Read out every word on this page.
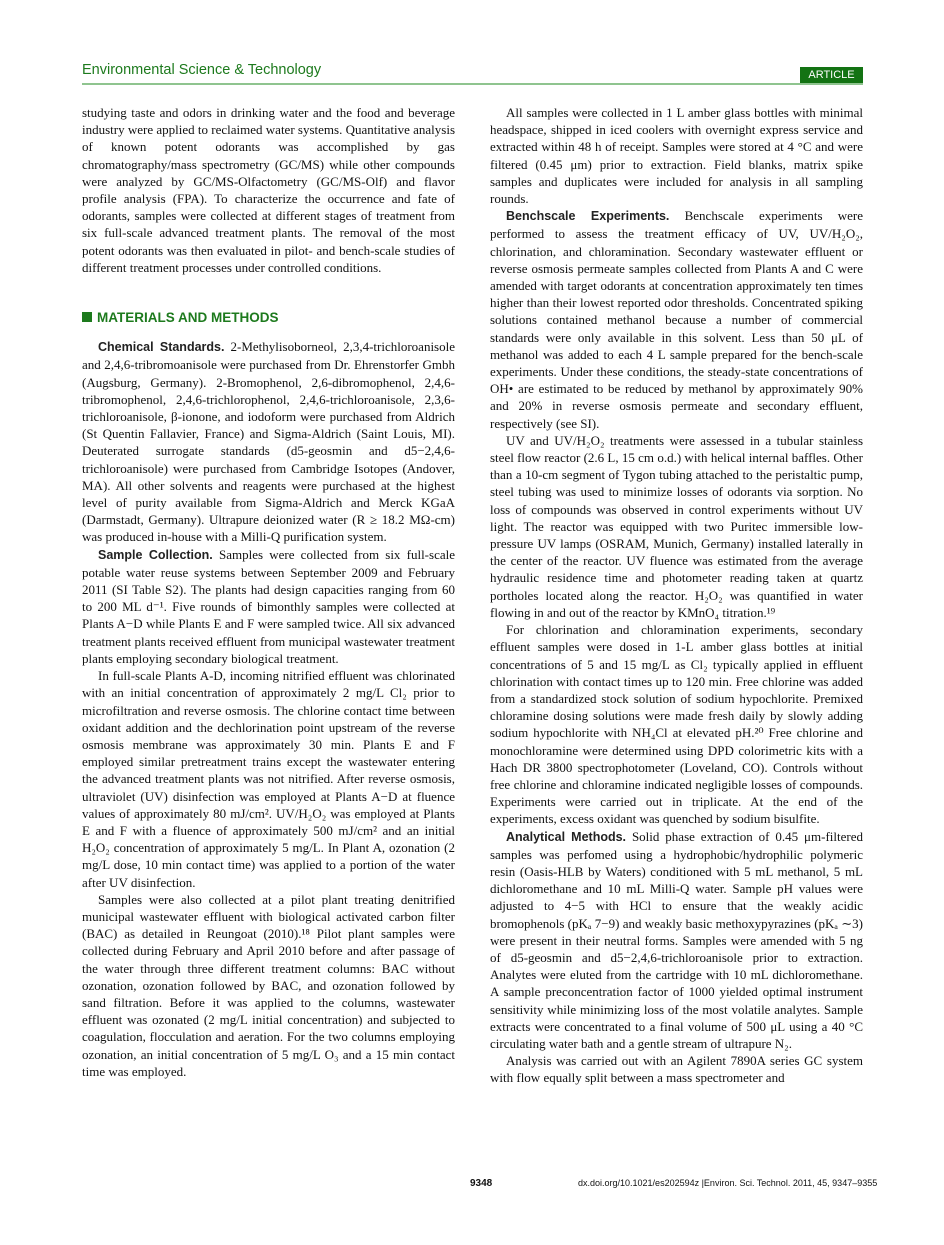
Environmental Science & Technology	ARTICLE

studying taste and odors in drinking water and the food and beverage industry were applied to reclaimed water systems. Quantitative analysis of known potent odorants was accomplished by gas chromatography/mass spectrometry (GC/MS) while other compounds were analyzed by GC/MS-Olfactometry (GC/MS-Olf) and flavor profile analysis (FPA). To characterize the occurrence and fate of odorants, samples were collected at different stages of treatment from six full-scale advanced treatment plants. The removal of the most potent odorants was then evaluated in pilot- and bench-scale studies of different treatment processes under controlled conditions.

MATERIALS AND METHODS

Chemical Standards. 2-Methylisoborneol, 2,3,4-trichloroanisole and 2,4,6-tribromoanisole were purchased from Dr. Ehrenstorfer Gmbh (Augsburg, Germany). 2-Bromophenol, 2,6-dibromophenol, 2,4,6-tribromophenol, 2,4,6-trichlorophenol, 2,4,6-trichloroanisole, 2,3,6-trichloroanisole, β-ionone, and iodoform were purchased from Aldrich (St Quentin Fallavier, France) and Sigma-Aldrich (Saint Louis, MI). Deuterated surrogate standards (d5-geosmin and d5−2,4,6-trichloroanisole) were purchased from Cambridge Isotopes (Andover, MA). All other solvents and reagents were purchased at the highest level of purity available from Sigma-Aldrich and Merck KGaA (Darmstadt, Germany). Ultrapure deionized water (R ≥ 18.2 MΩ-cm) was produced in-house with a Milli-Q purification system.

Sample Collection. Samples were collected from six full-scale potable water reuse systems between September 2009 and February 2011 (SI Table S2). The plants had design capacities ranging from 60 to 200 ML d⁻¹. Five rounds of bimonthly samples were collected at Plants A−D while Plants E and F were sampled twice. All six advanced treatment plants received effluent from municipal wastewater treatment plants employing secondary biological treatment.

In full-scale Plants A-D, incoming nitrified effluent was chlorinated with an initial concentration of approximately 2 mg/L Cl₂ prior to microfiltration and reverse osmosis. The chlorine contact time between oxidant addition and the dechlorination point upstream of the reverse osmosis membrane was approximately 30 min. Plants E and F employed similar pretreatment trains except the wastewater entering the advanced treatment plants was not nitrified. After reverse osmosis, ultraviolet (UV) disinfection was employed at Plants A−D at fluence values of approximately 80 mJ/cm². UV/H₂O₂ was employed at Plants E and F with a fluence of approximately 500 mJ/cm² and an initial H₂O₂ concentration of approximately 5 mg/L. In Plant A, ozonation (2 mg/L dose, 10 min contact time) was applied to a portion of the water after UV disinfection.

Samples were also collected at a pilot plant treating denitrified municipal wastewater effluent with biological activated carbon filter (BAC) as detailed in Reungoat (2010).¹⁸ Pilot plant samples were collected during February and April 2010 before and after passage of the water through three different treatment columns: BAC without ozonation, ozonation followed by BAC, and ozonation followed by sand filtration. Before it was applied to the columns, wastewater effluent was ozonated (2 mg/L initial concentration) and subjected to coagulation, flocculation and aeration. For the two columns employing ozonation, an initial concentration of 5 mg/L O₃ and a 15 min contact time was employed.

All samples were collected in 1 L amber glass bottles with minimal headspace, shipped in iced coolers with overnight express service and extracted within 48 h of receipt. Samples were stored at 4 °C and were filtered (0.45 μm) prior to extraction. Field blanks, matrix spike samples and duplicates were included for analysis in all sampling rounds.

Benchscale Experiments. Benchscale experiments were performed to assess the treatment efficacy of UV, UV/H₂O₂, chlorination, and chloramination. Secondary wastewater effluent or reverse osmosis permeate samples collected from Plants A and C were amended with target odorants at concentration approximately ten times higher than their lowest reported odor thresholds. Concentrated spiking solutions contained methanol because a number of commercial standards were only available in this solvent. Less than 50 μL of methanol was added to each 4 L sample prepared for the bench-scale experiments. Under these conditions, the steady-state concentrations of OH• are estimated to be reduced by methanol by approximately 90% and 20% in reverse osmosis permeate and secondary effluent, respectively (see SI).

UV and UV/H₂O₂ treatments were assessed in a tubular stainless steel flow reactor (2.6 L, 15 cm o.d.) with helical internal baffles. Other than a 10-cm segment of Tygon tubing attached to the peristaltic pump, steel tubing was used to minimize losses of odorants via sorption. No loss of compounds was observed in control experiments without UV light. The reactor was equipped with two Puritec immersible low-pressure UV lamps (OSRAM, Munich, Germany) installed laterally in the center of the reactor. UV fluence was estimated from the average hydraulic residence time and photometer reading taken at quartz portholes located along the reactor. H₂O₂ was quantified in water flowing in and out of the reactor by KMnO₄ titration.¹⁹

For chlorination and chloramination experiments, secondary effluent samples were dosed in 1-L amber glass bottles at initial concentrations of 5 and 15 mg/L as Cl₂ typically applied in effluent chlorination with contact times up to 120 min. Free chlorine was added from a standardized stock solution of sodium hypochlorite. Premixed chloramine dosing solutions were made fresh daily by slowly adding sodium hypochlorite with NH₄Cl at elevated pH.²⁰ Free chlorine and monochloramine were determined using DPD colorimetric kits with a Hach DR 3800 spectrophotometer (Loveland, CO). Controls without free chlorine and chloramine indicated negligible losses of compounds. Experiments were carried out in triplicate. At the end of the experiments, excess oxidant was quenched by sodium bisulfite.

Analytical Methods. Solid phase extraction of 0.45 μm-filtered samples was perfomed using a hydrophobic/hydrophilic polymeric resin (Oasis-HLB by Waters) conditioned with 5 mL methanol, 5 mL dichloromethane and 10 mL Milli-Q water. Sample pH values were adjusted to 4−5 with HCl to ensure that the weakly acidic bromophenols (pKₐ 7−9) and weakly basic methoxypyrazines (pKₐ ∼3) were present in their neutral forms. Samples were amended with 5 ng of d5-geosmin and d5−2,4,6-trichloroanisole prior to extraction. Analytes were eluted from the cartridge with 10 mL dichloromethane. A sample preconcentration factor of 1000 yielded optimal instrument sensitivity while minimizing loss of the most volatile analytes. Sample extracts were concentrated to a final volume of 500 μL using a 40 °C circulating water bath and a gentle stream of ultrapure N₂.

Analysis was carried out with an Agilent 7890A series GC system with flow equally split between a mass spectrometer and

9348	dx.doi.org/10.1021/es202594z |Environ. Sci. Technol. 2011, 45, 9347–9355
